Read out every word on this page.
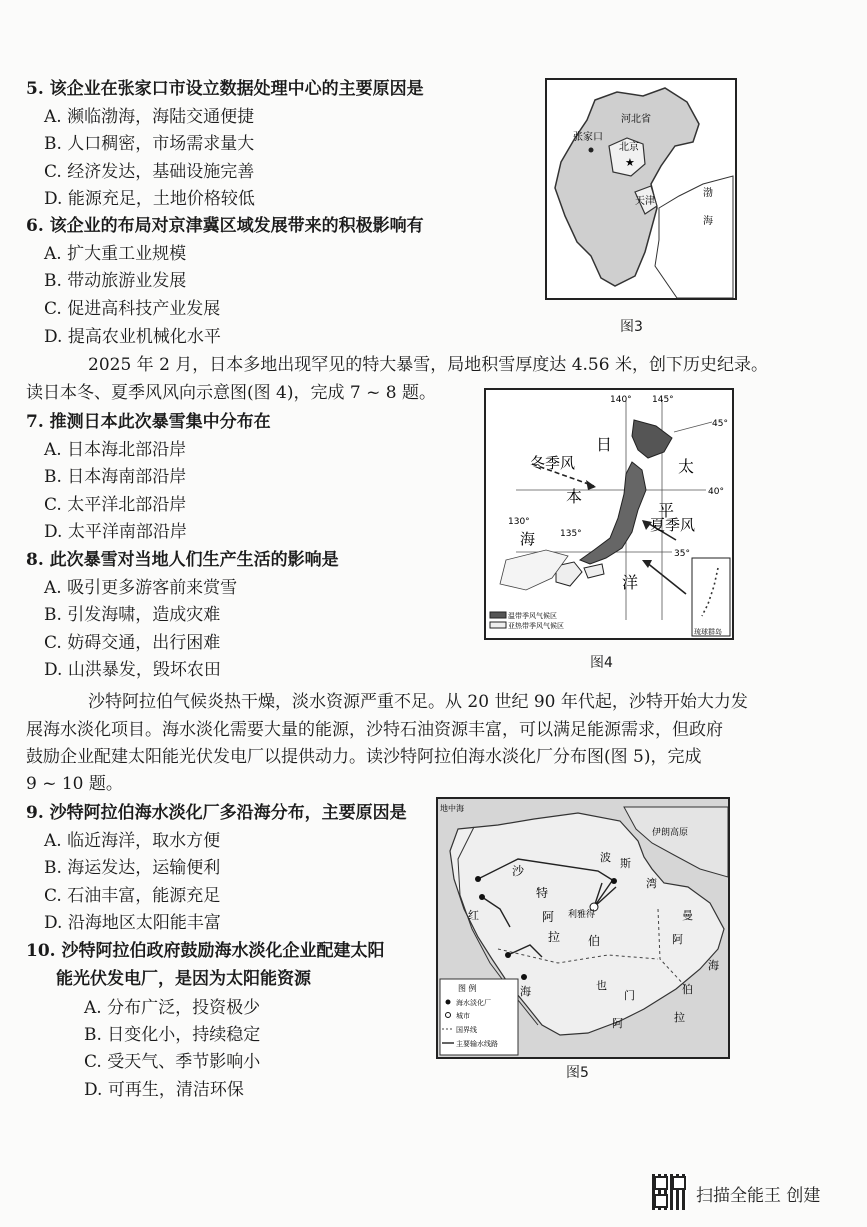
5. 该企业在张家口市设立数据处理中心的主要原因是
A. 濒临渤海，海陆交通便捷
B. 人口稠密，市场需求量大
C. 经济发达，基础设施完善
D. 能源充足，土地价格较低
6. 该企业的布局对京津冀区域发展带来的积极影响有
A. 扩大重工业规模
B. 带动旅游业发展
C. 促进高科技产业发展
D. 提高农业机械化水平
河北省
张家口
北京
★
天津
渤
海
图3
2025 年 2 月，日本多地出现罕见的特大暴雪，局地积雪厚度达 4.56 米，创下历史纪录。
读日本冬、夏季风风向示意图(图 4)，完成 7 ~ 8 题。
7. 推测日本此次暴雪集中分布在
A. 日本海北部沿岸
B. 日本海南部沿岸
C. 太平洋北部沿岸
D. 太平洋南部沿岸
8. 此次暴雪对当地人们生产生活的影响是
A. 吸引更多游客前来赏雪
B. 引发海啸，造成灾难
C. 妨碍交通，出行困难
D. 山洪暴发，毁坏农田
140° 145°
45°
40°
35°
130°
135°
冬季风
夏季风
日
本
海
太
平
洋
温带季风气候区
亚热带季风气候区
琉球群岛
图4
沙特阿拉伯气候炎热干燥，淡水资源严重不足。从 20 世纪 90 年代起，沙特开始大力发
展海水淡化项目。海水淡化需要大量的能源，沙特石油资源丰富，可以满足能源需求，但政府
鼓励企业配建太阳能光伏发电厂以提供动力。读沙特阿拉伯海水淡化厂分布图(图 5)，完成
9 ~ 10 题。
9. 沙特阿拉伯海水淡化厂多沿海分布，主要原因是
A. 临近海洋，取水方便
B. 海运发达，运输便利
C. 石油丰富，能源充足
D. 沿海地区太阳能丰富
10. 沙特阿拉伯政府鼓励海水淡化企业配建太阳
能光伏发电厂，是因为太阳能资源
A. 分布广泛，投资极少
B. 日变化小，持续稳定
C. 受天气、季节影响小
D. 可再生，清洁环保
地中海
伊朗高原
波 斯
湾
沙
特
阿
拉 伯
利雅得
红
海
曼
阿
海
伯
拉
也
门
阿
图 例
海水淡化厂
城市
国界线
主要输水线路
图5
扫描全能王 创建
